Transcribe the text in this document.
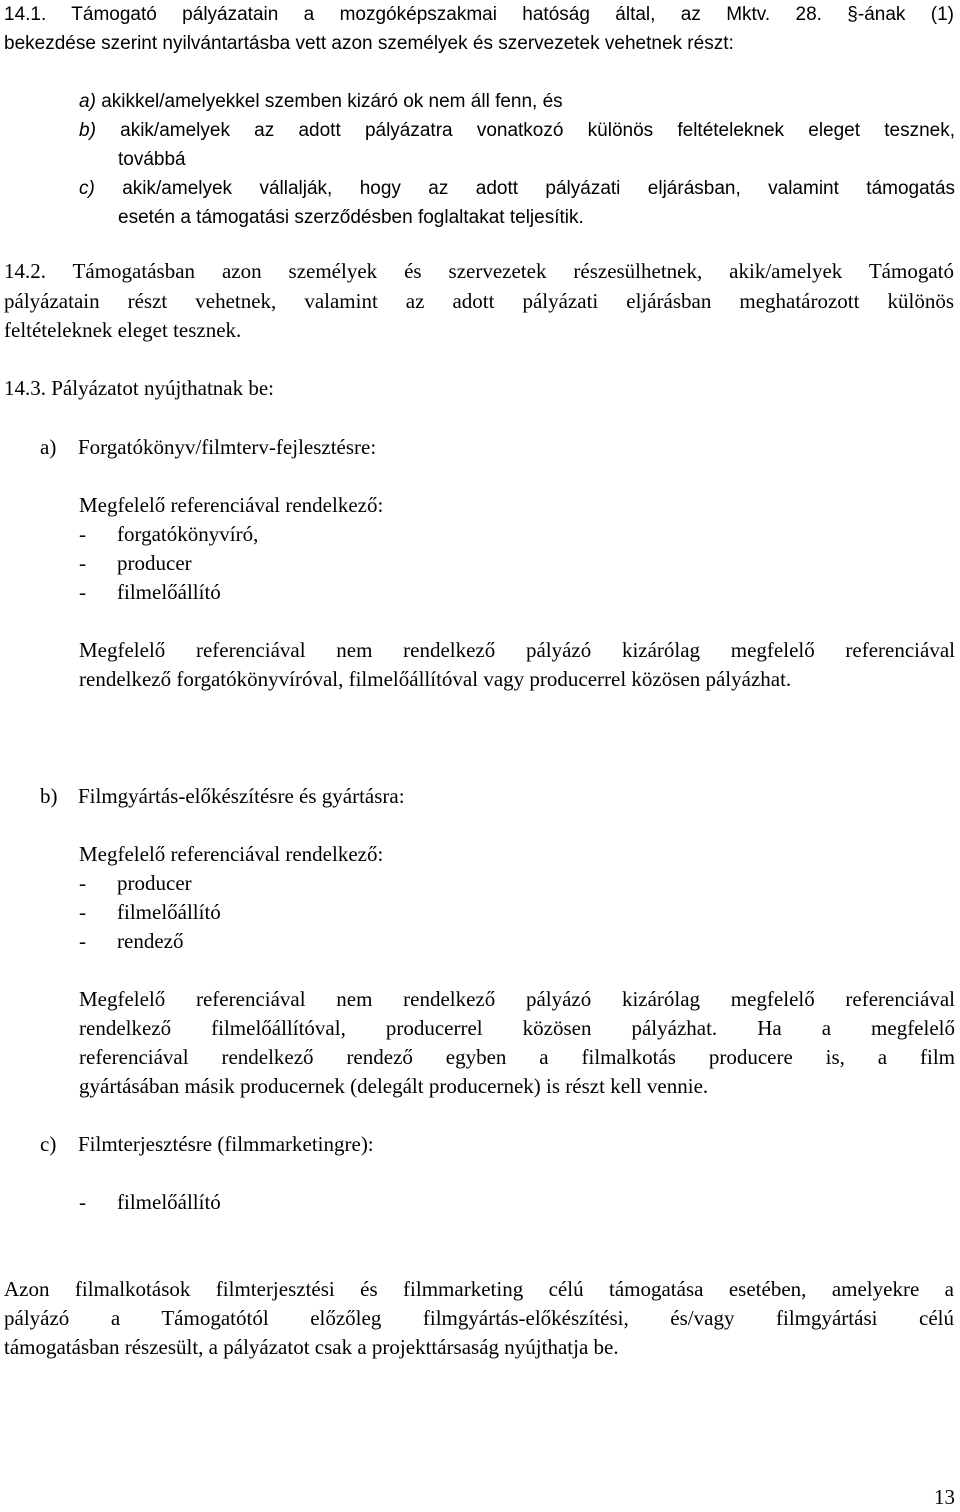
14.1. Támogató pályázatain a mozgóképszakmai hatóság által, az Mktv. 28. §-ának (1)

bekezdése szerint nyilvántartásba vett azon személyek és szervezetek vehetnek részt:

a) akikkel/amelyekkel szemben kizáró ok nem áll fenn, és

b) akik/amelyek az adott pályázatra vonatkozó különös feltételeknek eleget tesznek,

továbbá

c) akik/amelyek vállalják, hogy az adott pályázati eljárásban, valamint támogatás

esetén a támogatási szerződésben foglaltakat teljesítik.

14.2. Támogatásban azon személyek és szervezetek részesülhetnek, akik/amelyek Támogató

pályázatain részt vehetnek, valamint az adott pályázati eljárásban meghatározott különös

feltételeknek eleget tesznek.

14.3. Pályázatot nyújthatnak be:

a) Forgatókönyv/filmterv-fejlesztésre:

Megfelelő referenciával rendelkező:

- forgatókönyvíró,

- producer

- filmelőállító

Megfelelő referenciával nem rendelkező pályázó kizárólag megfelelő referenciával

rendelkező forgatókönyvíróval, filmelőállítóval vagy producerrel közösen pályázhat.

b) Filmgyártás-előkészítésre és gyártásra:

Megfelelő referenciával rendelkező:

- producer

- filmelőállító

- rendező

Megfelelő referenciával nem rendelkező pályázó kizárólag megfelelő referenciával

rendelkező filmelőállítóval, producerrel közösen pályázhat. Ha a megfelelő

referenciával rendelkező rendező egyben a filmalkotás producere is, a film

gyártásában másik producernek (delegált producernek) is részt kell vennie.

c) Filmterjesztésre (filmmarketingre):

- filmelőállító

Azon filmalkotások filmterjesztési és filmmarketing célú támogatása esetében, amelyekre a

pályázó a Támogatótól előzőleg filmgyártás-előkészítési, és/vagy filmgyártási célú

támogatásban részesült, a pályázatot csak a projekttársaság nyújthatja be.

13
